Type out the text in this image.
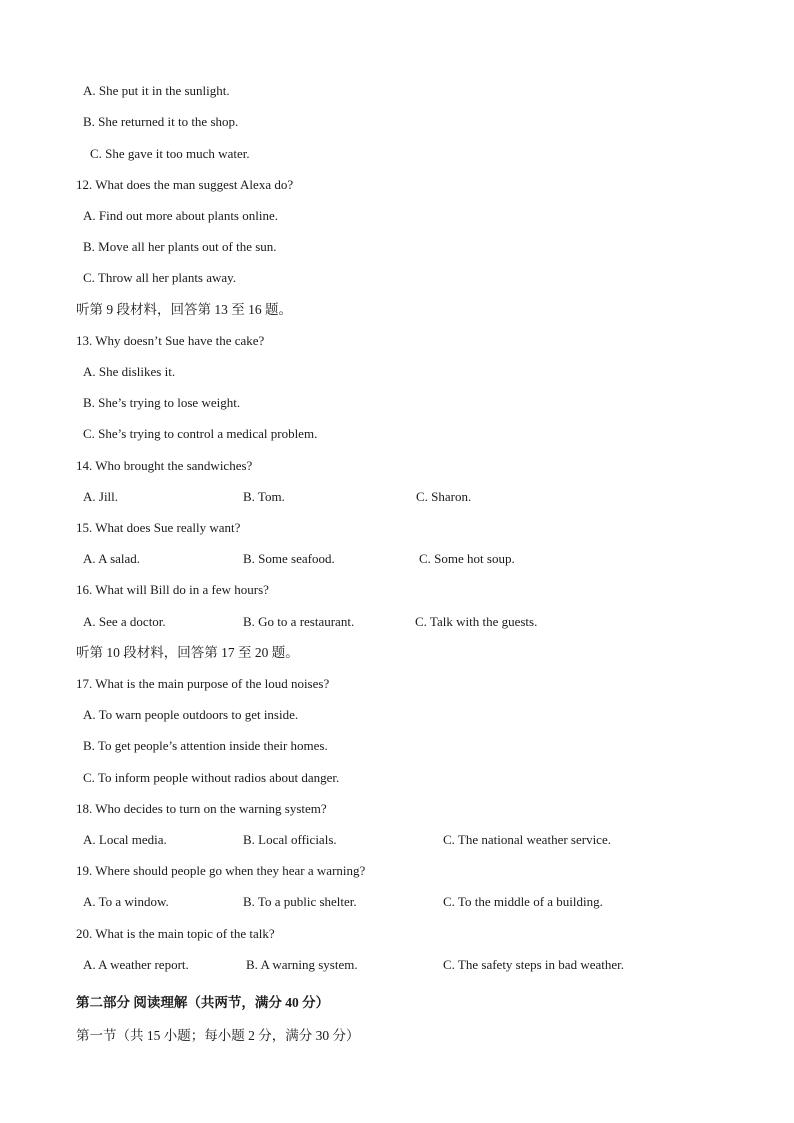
A. She put it in the sunlight.
B. She returned it to the shop.
C. She gave it too much water.
12. What does the man suggest Alexa do?
A. Find out more about plants online.
B. Move all her plants out of the sun.
C. Throw all her plants away.
听第 9 段材料，回答第 13 至 16 题。
13. Why doesn’t Sue have the cake?
A. She dislikes it.
B. She’s trying to lose weight.
C. She’s trying to control a medical problem.
14. Who brought the sandwiches?
A. Jill.	B. Tom.	C. Sharon.
15. What does Sue really want?
A. A salad.	B. Some seafood.	C. Some hot soup.
16. What will Bill do in a few hours?
A. See a doctor.	B. Go to a restaurant.	C. Talk with the guests.
听第 10 段材料，回答第 17 至 20 题。
17. What is the main purpose of the loud noises?
A. To warn people outdoors to get inside.
B. To get people’s attention inside their homes.
C. To inform people without radios about danger.
18. Who decides to turn on the warning system?
A. Local media.	B. Local officials.	C. The national weather service.
19. Where should people go when they hear a warning?
A. To a window.	B. To a public shelter.	C. To the middle of a building.
20. What is the main topic of the talk?
A. A weather report.	B. A warning system.	C. The safety steps in bad weather.
第二部分 阅读理解（共两节，满分 40 分）
第一节（共 15 小题；每小题 2 分，满分 30 分）
